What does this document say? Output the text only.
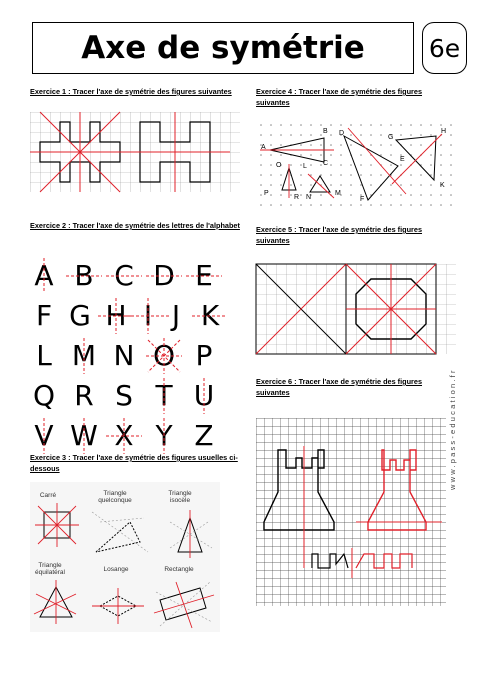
Axe de symétrie	6e
Exercice 1 : Tracer l'axe de symétrie des figures suivantes
Exercice 2 : Tracer l'axe de symétrie des lettres de l'alphabet
A B C D E
F G H I J K
L M N O P
Q R S T U
V W X Y Z
Exercice 3 : Tracer l'axe de symétrie des figures usuelles ci-dessous
Carré	Triangle quelconque
Triangle isocèle
Triangle équilatéral	Losange	Rectangle
Exercice 4 : Tracer l'axe de symétrie des figures suivantes
A
B
C
D
E
F
G
H
K
L
O
P
R N
M
Exercice 5 : Tracer l'axe de symétrie des figures suivantes
Exercice 6 : Tracer l'axe de symétrie des figures suivantes	www.pass-education.fr
